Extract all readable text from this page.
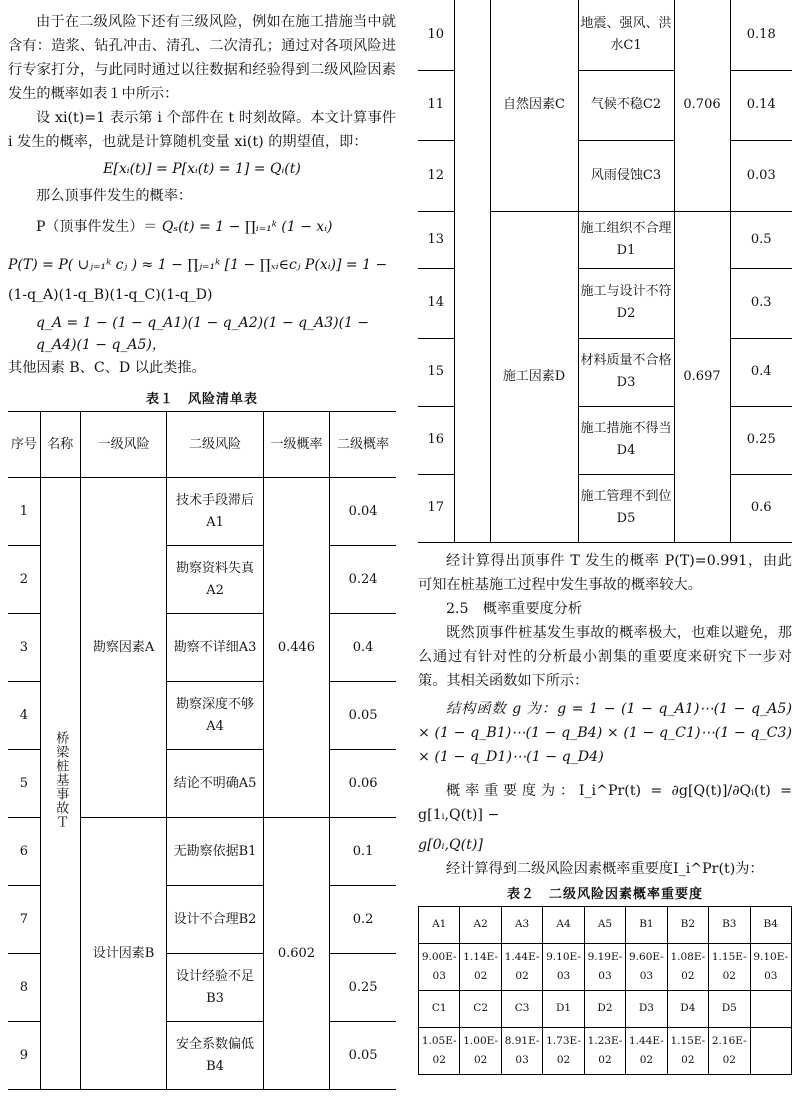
由于在二级风险下还有三级风险，例如在施工措施当中就含有：造浆、钻孔冲击、清孔、二次清孔；通过对各项风险进行专家打分，与此同时通过以往数据和经验得到二级风险因素发生的概率如表１中所示：

设 xi(t)=1 表示第 i 个部件在 t 时刻故障。本文计算事件 i 发生的概率，也就是计算随机变量 xi(t) 的期望值，即：

E[xᵢ(t)] = P[xᵢ(t) = 1] = Qᵢ(t)

那么顶事件发生的概率：

P（顶事件发生）＝ Qₛ(t) = 1 − ∏ᵢ₌₁ᵏ (1 − xᵢ)
P(T) = P( ∪ⱼ₌₁ᵏ cⱼ ) ≈ 1 − ∏ⱼ₌₁ᵏ [1 − ∏ₓᵢ∈cⱼ P(xᵢ)] = 1 −
(1-q_A)(1-q_B)(1-q_C)(1-q_D)
q_A = 1 − (1 − q_A1)(1 − q_A2)(1 − q_A3)(1 − q_A4)(1 − q_A5)，

其他因素 B、C、D 以此类推。

表１　风险清单表
序号	名称	一级风险	二级风险	一级概率	二级概率
1	桥梁桩基事故Ｔ	勘察因素A	技术手段滞后A1	0.446	0.04
2			勘察资料失真A2		0.24
3			勘察不详细A3		0.4
4			勘察深度不够A4		0.05
5			结论不明确A5		0.06
6		设计因素B	无勘察依据B1	0.602	0.1
7			设计不合理B2		0.2
8			设计经验不足B3		0.25
9			安全系数偏低B4		0.05
10		自然因素C	地震、强风、洪水C1	0.706	0.18
11			气候不稳C2		0.14
12			风雨侵蚀C3		0.03
13		施工因素D	施工组织不合理D1	0.697	0.5
14			施工与设计不符D2		0.3
15			材料质量不合格D3		0.4
16			施工措施不得当D4		0.25
17			施工管理不到位D5		0.6

经计算得出顶事件 T 发生的概率 P(T)=0.991，由此可知在桩基施工过程中发生事故的概率较大。

2.5　概率重要度分析

既然顶事件桩基发生事故的概率极大，也难以避免，那么通过有针对性的分析最小割集的重要度来研究下一步对策。其相关函数如下所示：

结构函数 g 为：g = 1 − (1 − q_A1)⋯(1 − q_A5) × (1 − q_B1)⋯(1 − q_B4) × (1 − q_C1)⋯(1 − q_C3) × (1 − q_D1)⋯(1 − q_D4)

概率重要度为：I_i^Pr(t) = ∂g[Q(t)]/∂Qᵢ(t) = g[1ᵢ,Q(t)] −

g[0ᵢ,Q(t)]

经计算得到二级风险因素概率重要度I_i^Pr(t)为：

表２　二级风险因素概率重要度
A1	A2	A3	A4	A5	B1	B2	B3	B4
9.00E-03	1.14E-02	1.44E-02	9.10E-03	9.19E-03	9.60E-03	1.08E-02	1.15E-02	9.10E-03
C1	C2	C3	D1	D2	D3	D4	D5	
1.05E-02	1.00E-02	8.91E-03	1.73E-02	1.23E-02	1.44E-02	1.15E-02	2.16E-02	
